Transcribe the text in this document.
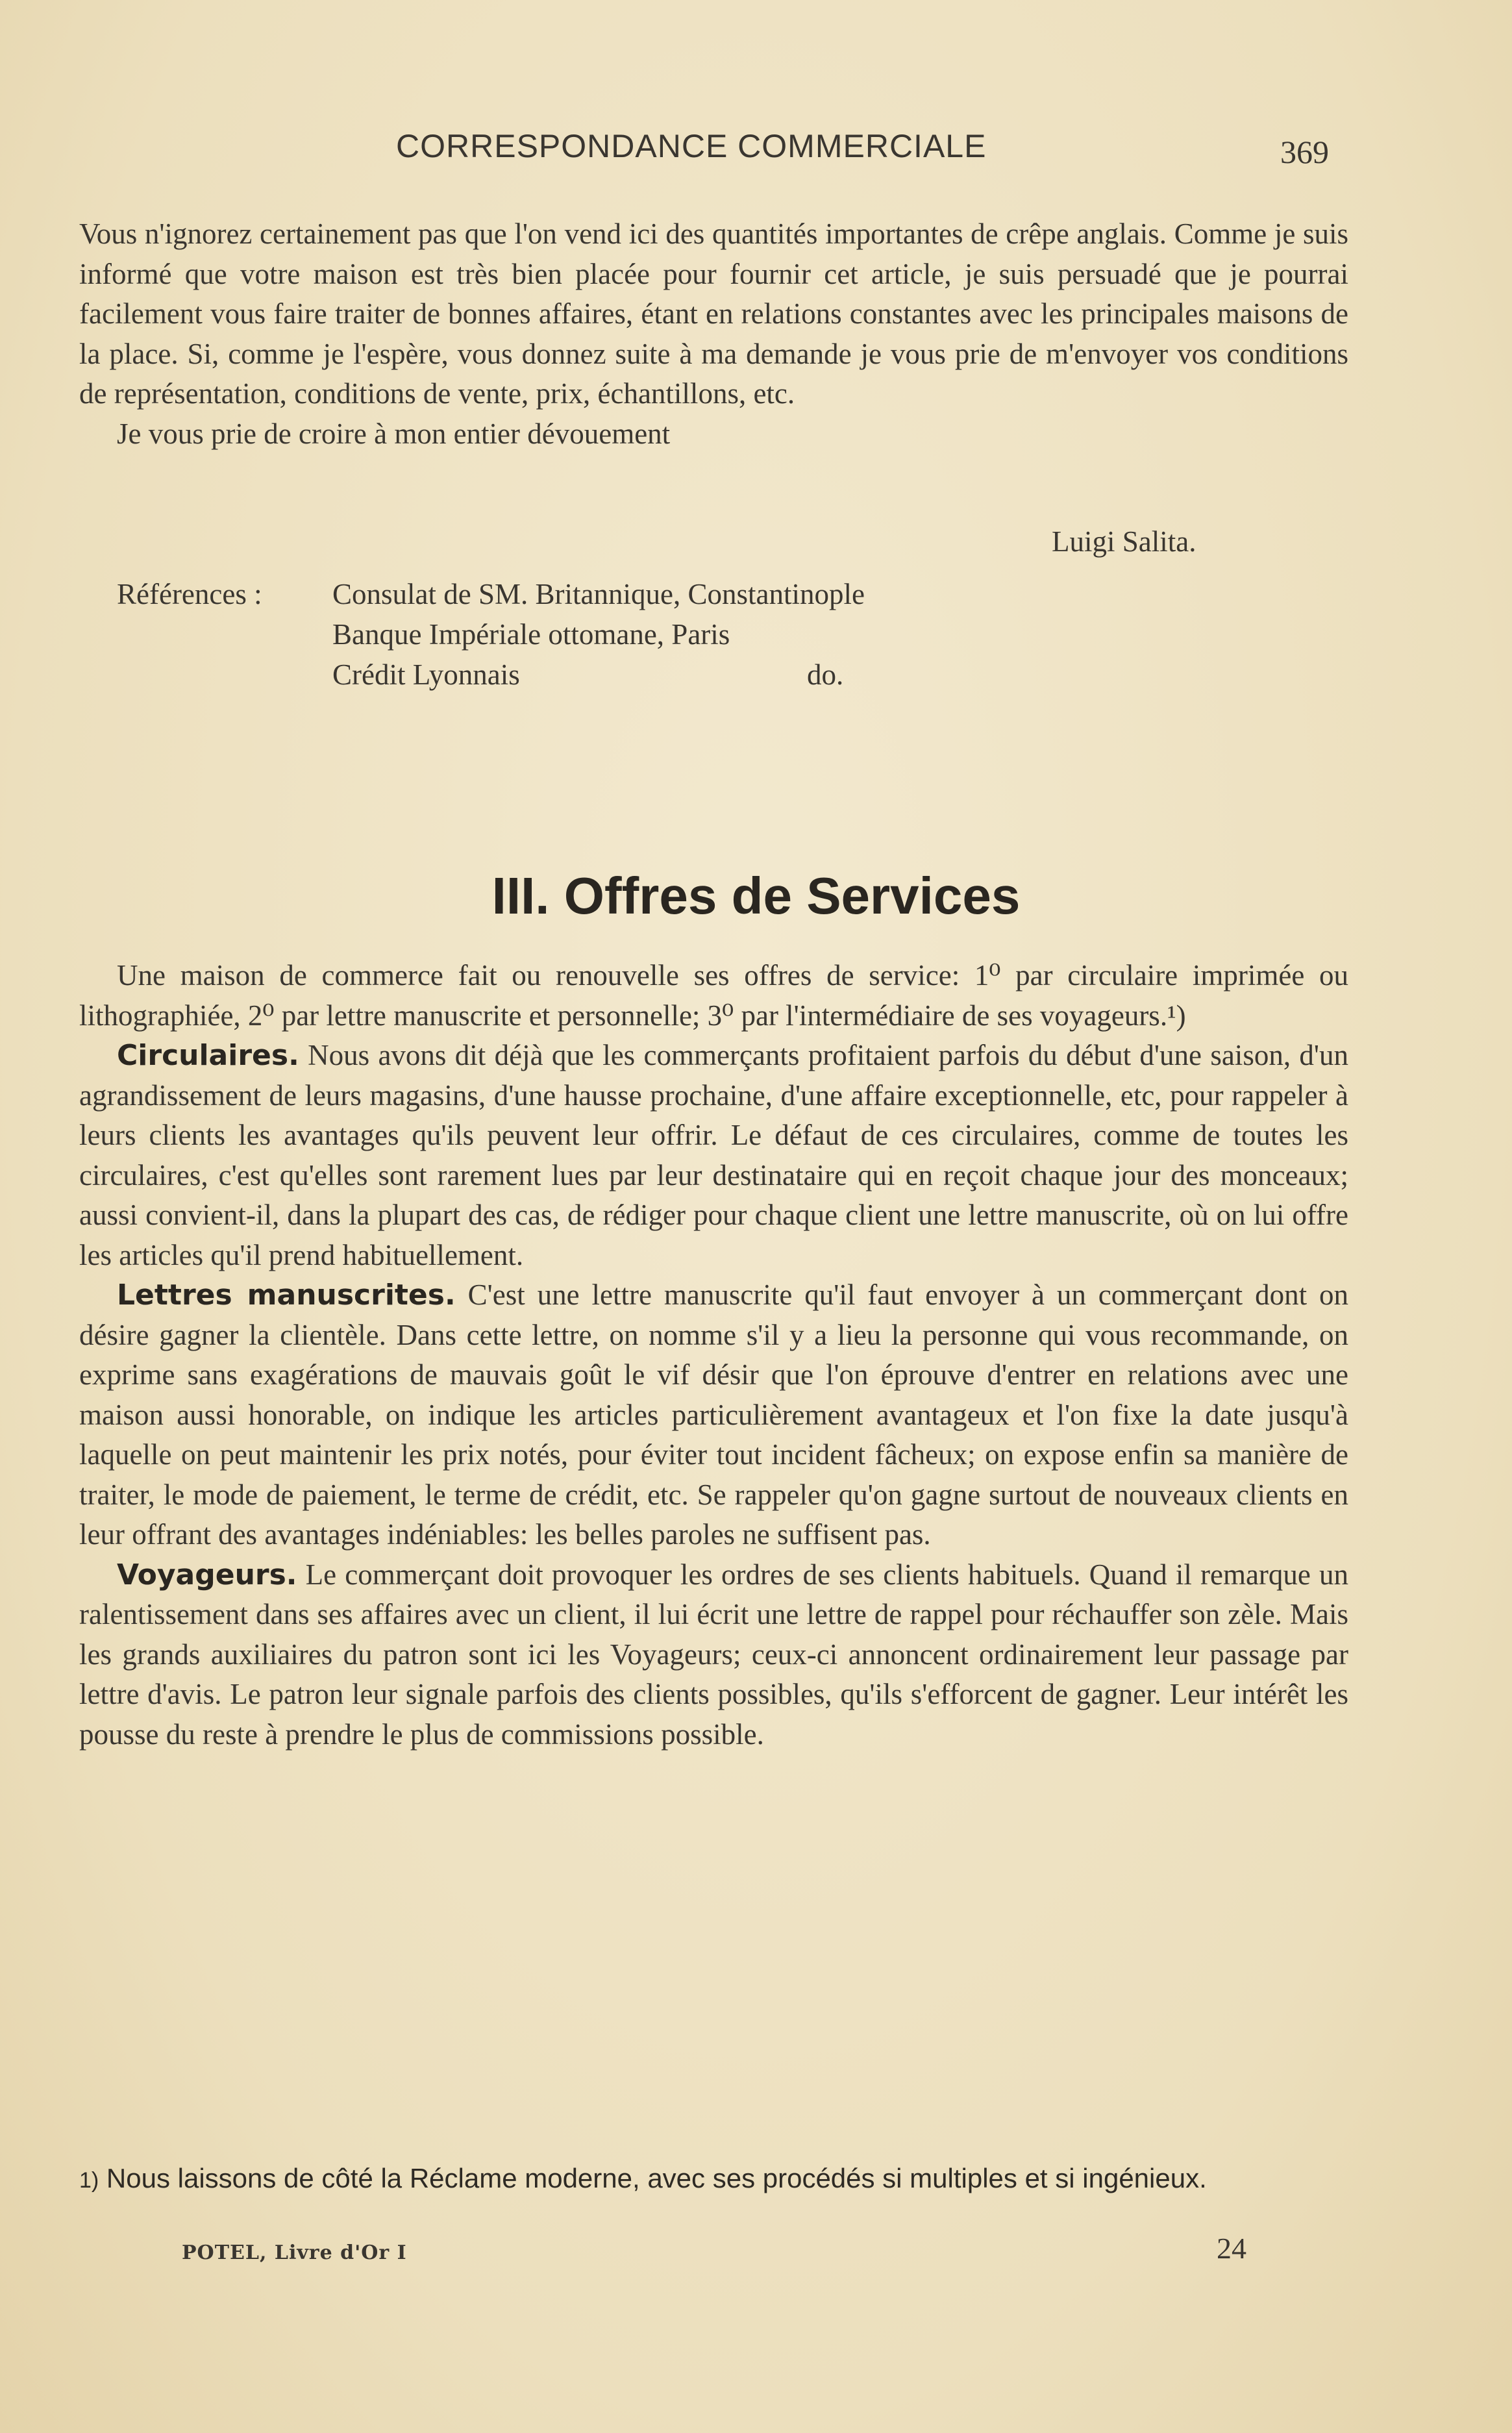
CORRESPONDANCE COMMERCIALE	369

Vous n'ignorez certainement pas que l'on vend ici des quantités importantes de crêpe anglais. Comme je suis informé que votre maison est très bien placée pour fournir cet article, je suis persuadé que je pourrai facilement vous faire traiter de bonnes affaires, étant en relations constantes avec les principales maisons de la place. Si, comme je l'espère, vous donnez suite à ma demande je vous prie de m'envoyer vos conditions de représentation, conditions de vente, prix, échantillons, etc.

Je vous prie de croire à mon entier dévouement

Luigi Salita.
Références :	Consulat de SM. Britannique, Constantinople
Banque Impériale ottomane, Paris
Crédit Lyonnais	do.
III. Offres de Services

Une maison de commerce fait ou renouvelle ses offres de service: 1⁰ par circulaire imprimée ou lithographiée, 2⁰ par lettre manuscrite et personnelle; 3⁰ par l'intermédiaire de ses voyageurs.¹)

Circulaires. Nous avons dit déjà que les commerçants profitaient parfois du début d'une saison, d'un agrandissement de leurs magasins, d'une hausse prochaine, d'une affaire exceptionnelle, etc, pour rappeler à leurs clients les avantages qu'ils peuvent leur offrir. Le défaut de ces circulaires, comme de toutes les circulaires, c'est qu'elles sont rarement lues par leur destinataire qui en reçoit chaque jour des monceaux; aussi convient-il, dans la plupart des cas, de rédiger pour chaque client une lettre manuscrite, où on lui offre les articles qu'il prend habituellement.

Lettres manuscrites. C'est une lettre manuscrite qu'il faut envoyer à un commerçant dont on désire gagner la clientèle. Dans cette lettre, on nomme s'il y a lieu la personne qui vous recommande, on exprime sans exagérations de mauvais goût le vif désir que l'on éprouve d'entrer en relations avec une maison aussi honorable, on indique les articles particulièrement avantageux et l'on fixe la date jusqu'à laquelle on peut maintenir les prix notés, pour éviter tout incident fâcheux; on expose enfin sa manière de traiter, le mode de paiement, le terme de crédit, etc. Se rappeler qu'on gagne surtout de nouveaux clients en leur offrant des avantages indéniables: les belles paroles ne suffisent pas.

Voyageurs. Le commerçant doit provoquer les ordres de ses clients habituels. Quand il remarque un ralentissement dans ses affaires avec un client, il lui écrit une lettre de rappel pour réchauffer son zèle. Mais les grands auxiliaires du patron sont ici les Voyageurs; ceux-ci annoncent ordinairement leur passage par lettre d'avis. Le patron leur signale parfois des clients possibles, qu'ils s'efforcent de gagner. Leur intérêt les pousse du reste à prendre le plus de commissions possible.

1) Nous laissons de côté la Réclame moderne, avec ses procédés si multiples et si ingénieux.
POTEL, Livre d'Or I	24
